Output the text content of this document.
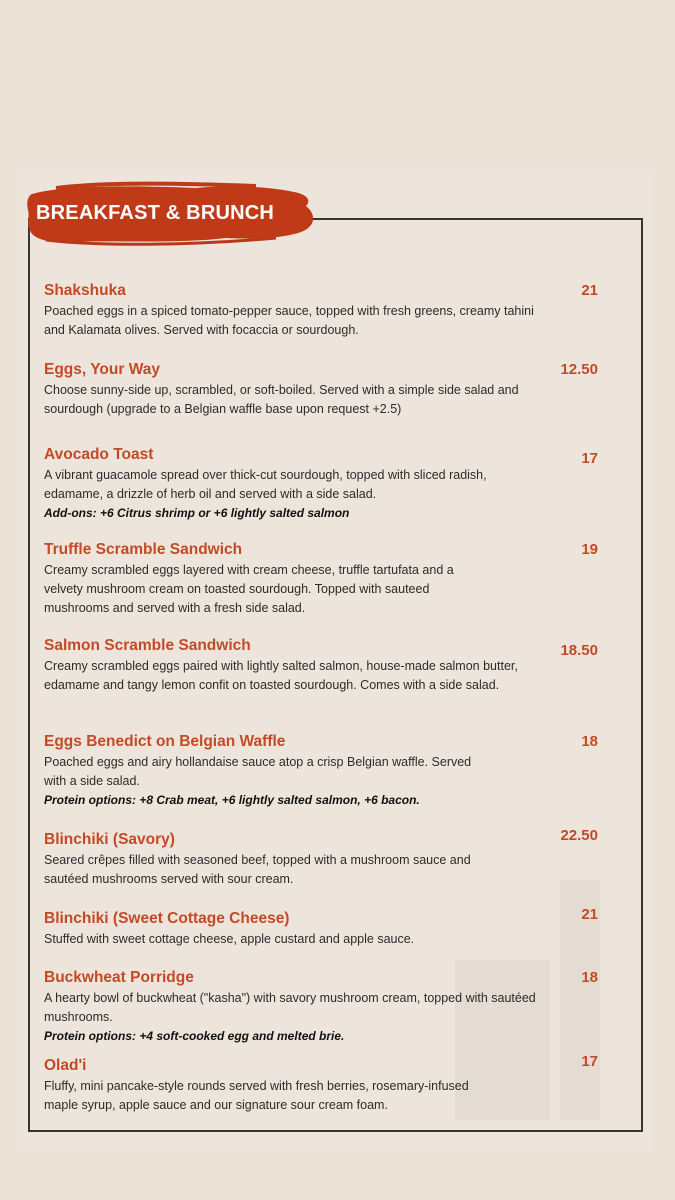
BREAKFAST & BRUNCH
Shakshuka	21
Poached eggs in a spiced tomato-pepper sauce, topped with fresh greens, creamy tahini and Kalamata olives. Served with focaccia or sourdough.
Eggs, Your Way	12.50
Choose sunny-side up, scrambled, or soft-boiled. Served with a simple side salad and sourdough (upgrade to a Belgian waffle base upon request +2.5)
Avocado Toast	17
A vibrant guacamole spread over thick-cut sourdough, topped with sliced radish, edamame, a drizzle of herb oil and served with a side salad.
Add-ons: +6 Citrus shrimp or +6 lightly salted salmon
Truffle Scramble Sandwich	19
Creamy scrambled eggs layered with cream cheese, truffle tartufata and a velvety mushroom cream on toasted sourdough. Topped with sauteed mushrooms and served with a fresh side salad.
Salmon Scramble Sandwich	18.50
Creamy scrambled eggs paired with lightly salted salmon, house-made salmon butter, edamame and tangy lemon confit on toasted sourdough. Comes with a side salad.
Eggs Benedict on Belgian Waffle	18
Poached eggs and airy hollandaise sauce atop a crisp Belgian waffle. Served with a side salad.
Protein options: +8 Crab meat, +6 lightly salted salmon, +6 bacon.
Blinchiki (Savory)	22.50
Seared crêpes filled with seasoned beef, topped with a mushroom sauce and sautéed mushrooms served with sour cream.
Blinchiki (Sweet Cottage Cheese)	21
Stuffed with sweet cottage cheese, apple custard and apple sauce.
Buckwheat Porridge	18
A hearty bowl of buckwheat ("kasha") with savory mushroom cream, topped with sautéed mushrooms.
Protein options: +4 soft-cooked egg and melted brie.
Olad'i	17
Fluffy, mini pancake-style rounds served with fresh berries, rosemary-infused maple syrup, apple sauce and our signature sour cream foam.
